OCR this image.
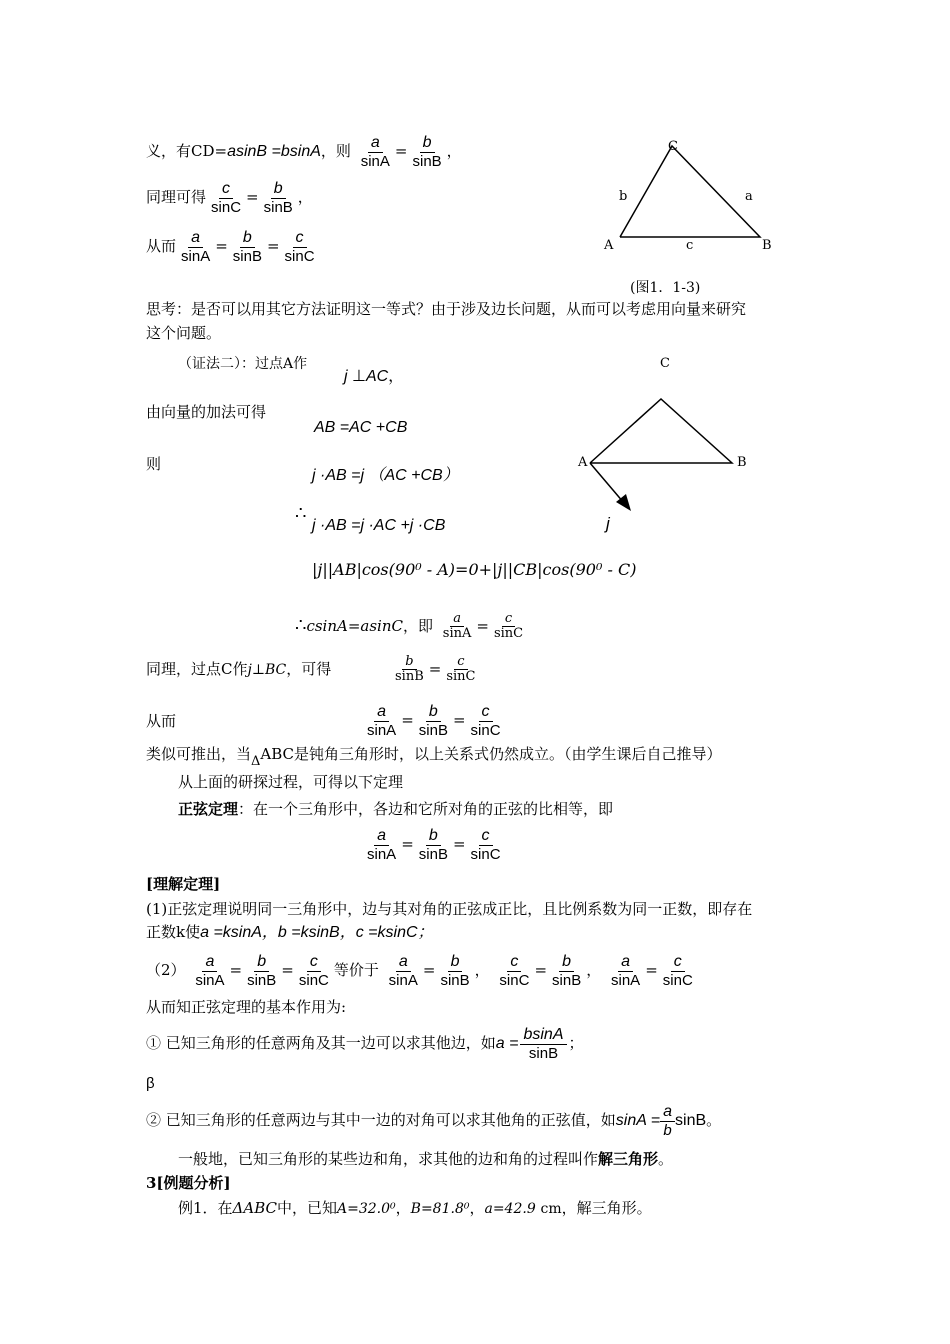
义，有CD=asinB =bsinA，则 $\frac{a}{\sin A} = \frac{b}{\sin B}$ ，
同理可得 $\frac{c}{\sin C} = \frac{b}{\sin B}$ ，
从而 $\frac{a}{\sin A} = \frac{b}{\sin B} = \frac{c}{\sin C}$
C
b	a
A	c	B
(图1．1-3)
思考：是否可以用其它方法证明这一等式？由于涉及边长问题，从而可以考虑用向量来研究
这个问题。
（证法二）：过点A作
j ⊥AC，
由向量的加法可得
AB =AC +CB
则
j ·AB =j （AC +CB）
∴
j ·AB =j ·AC +j ·CB
|j||AB|cos(90⁰ - A)=0+|j||CB|cos(90⁰ - C)
∴csinA=asinC，即 $\frac{a}{\sin A} = \frac{c}{\sin C}$
C
A	B
j
同理，过点C作j⊥BC，可得	$\frac{b}{\sin B} = \frac{c}{\sin C}$
从而	$\frac{a}{\sin A} = \frac{b}{\sin B} = \frac{c}{\sin C}$
类似可推出，当ΔABC是钝角三角形时，以上关系式仍然成立。（由学生课后自己推导）
从上面的研探过程，可得以下定理
正弦定理：在一个三角形中，各边和它所对角的正弦的比相等，即
$\frac{a}{\sin A} = \frac{b}{\sin B} = \frac{c}{\sin C}$
[理解定理]
(1)正弦定理说明同一三角形中，边与其对角的正弦成正比，且比例系数为同一正数，即存在
正数k使a =ksinA，b =ksinB，c =ksinC；
$(2) \frac{a}{\sin A} = \frac{b}{\sin B} = \frac{c}{\sin C}$ 等价于 $\frac{a}{\sin A} = \frac{b}{\sin B}$ ， $\frac{c}{\sin C} = \frac{b}{\sin B}$ ， $\frac{a}{\sin A} = \frac{c}{\sin C}$
从而知正弦定理的基本作用为:
① 已知三角形的任意两角及其一边可以求其他边，如$a = \frac{bsinA}{\sin B}$ ；
β
② 已知三角形的任意两边与其中一边的对角可以求其他角的正弦值，如$\sin A = \frac{a}{b}$ sinB。
一般地，已知三角形的某些边和角，求其他的边和角的过程叫作解三角形。
3[例题分析]
例1．在ΔABC中，已知A=32.0⁰，B=81.8⁰，a=42.9 cm，解三角形。
